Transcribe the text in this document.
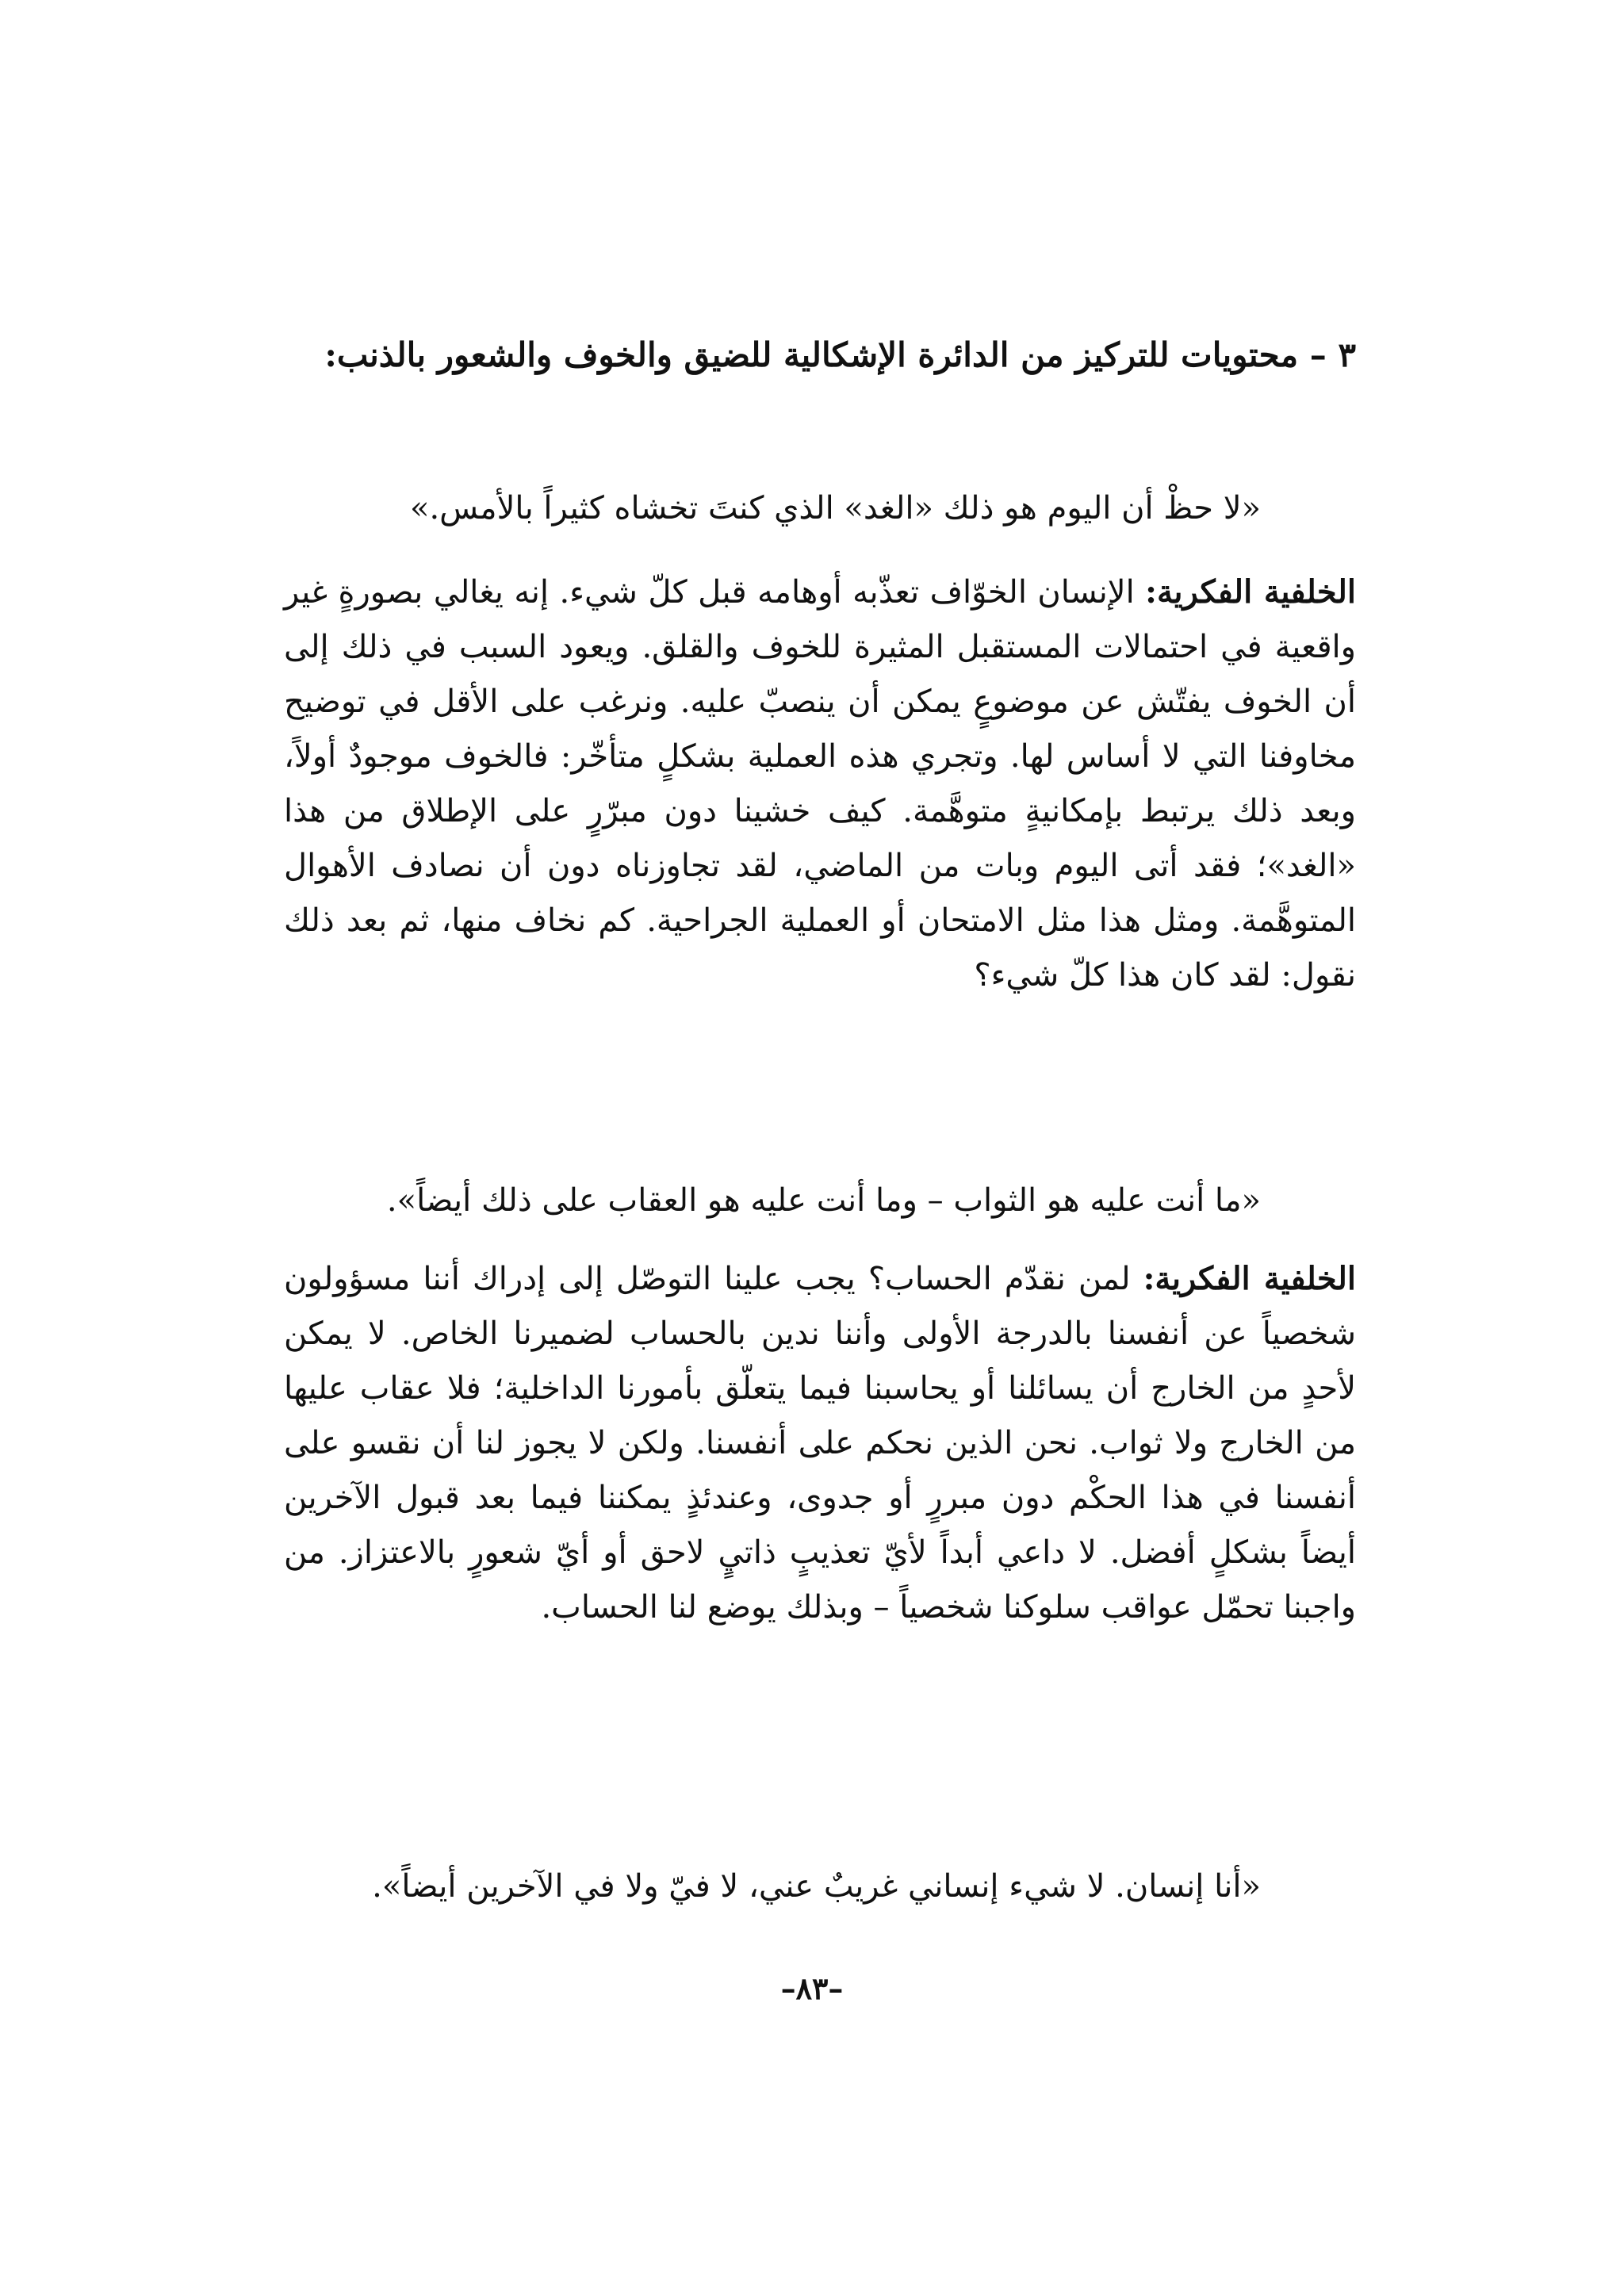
٣ – محتويات للتركيز من الدائرة الإشكالية للضيق والخوف والشعور بالذنب:
«لا حظْ أن اليوم هو ذلك «الغد» الذي كنتَ تخشاه كثيراً بالأمس.»
الخلفية الفكرية: الإنسان الخوّاف تعذّبه أوهامه قبل كلّ شيء. إنه يغالي بصورةٍ غير واقعية في احتمالات المستقبل المثيرة للخوف والقلق. ويعود السبب في ذلك إلى أن الخوف يفتّش عن موضوعٍ يمكن أن ينصبّ عليه. ونرغب على الأقل في توضيح مخاوفنا التي لا أساس لها. وتجري هذه العملية بشكلٍ متأخّر: فالخوف موجودٌ أولاً، وبعد ذلك يرتبط بإمكانيةٍ متوهَّمة. كيف خشينا دون مبرّرٍ على الإطلاق من هذا «الغد»؛ فقد أتى اليوم وبات من الماضي، لقد تجاوزناه دون أن نصادف الأهوال المتوهَّمة. ومثل هذا مثل الامتحان أو العملية الجراحية. كم نخاف منها، ثم بعد ذلك نقول: لقد كان هذا كلّ شيء؟
«ما أنت عليه هو الثواب – وما أنت عليه هو العقاب على ذلك أيضاً».
الخلفية الفكرية: لمن نقدّم الحساب؟ يجب علينا التوصّل إلى إدراك أننا مسؤولون شخصياً عن أنفسنا بالدرجة الأولى وأننا ندين بالحساب لضميرنا الخاص. لا يمكن لأحدٍ من الخارج أن يسائلنا أو يحاسبنا فيما يتعلّق بأمورنا الداخلية؛ فلا عقاب عليها من الخارج ولا ثواب. نحن الذين نحكم على أنفسنا. ولكن لا يجوز لنا أن نقسو على أنفسنا في هذا الحكْم دون مبررٍ أو جدوى، وعندئذٍ يمكننا فيما بعد قبول الآخرين أيضاً بشكلٍ أفضل. لا داعي أبداً لأيّ تعذيبٍ ذاتيٍ لاحق أو أيّ شعورٍ بالاعتزاز. من واجبنا تحمّل عواقب سلوكنا شخصياً – وبذلك يوضع لنا الحساب.
«أنا إنسان. لا شيء إنساني غريبٌ عني، لا فيّ ولا في الآخرين أيضاً».
–٨٣–
